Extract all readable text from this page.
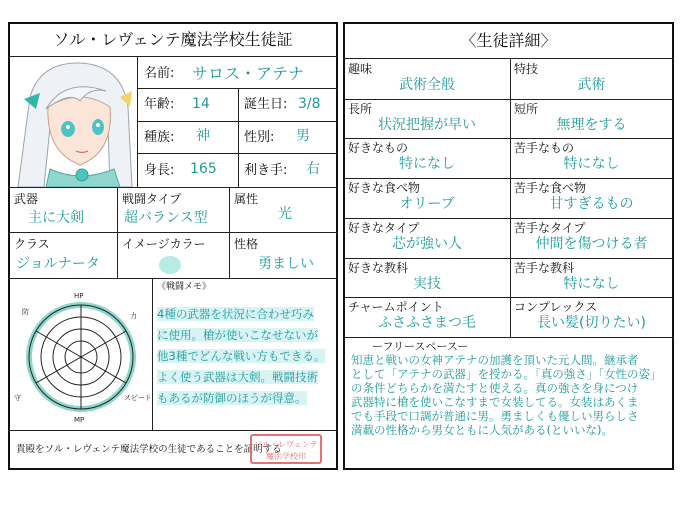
ソル・レヴェンテ魔法学校生徒証
名前: サロス・アテナ
年齢: 14	誕生日: 3/8
種族: 神	性別: 男
身長: 165 利き手: 右
武器
主に大剣
戦闘タイプ
超バランス型
属性
光
クラス
ジョルナータ
イメージカラー 性格
勇ましい
HP
力
スピード
MP
守
防
《戦闘メモ》
4種の武器を状況に合わせ巧み
に使用。槍が使いこなせないが
他3種でどんな戦い方もできる。
よく使う武器は大剣。戦闘技術
もあるが防御のほうが得意。
貴殿をソル・レヴェンテ魔法学校の生徒であることを証明する
ソル・レヴェンテ
魔法学校印
〈生徒詳細〉
趣味
武術全般
特技
武術
長所
状況把握が早い
短所
無理をする
好きなもの
特になし
苦手なもの
特になし
好きな食べ物
オリーブ
苦手な食べ物
甘すぎるもの
好きなタイプ
芯が強い人
苦手なタイプ
仲間を傷つける者
好きな教科
実技
苦手な教科
特になし
チャームポイント
ふさふさまつ毛
コンプレックス
長い髪(切りたい)
ーフリースペースー
知恵と戦いの女神アテナの加護を頂いた元人間。継承者
として「アテナの武器」を授かる。「真の強さ」「女性の姿」
の条件どちらかを満たすと使える。真の強さを身につけ
武器特に槍を使いこなすまで女装してる。女装はあくま
でも手段で口調が普通に男。勇ましくも優しい男らしさ
満載の性格から男女ともに人気がある(といいな)。
